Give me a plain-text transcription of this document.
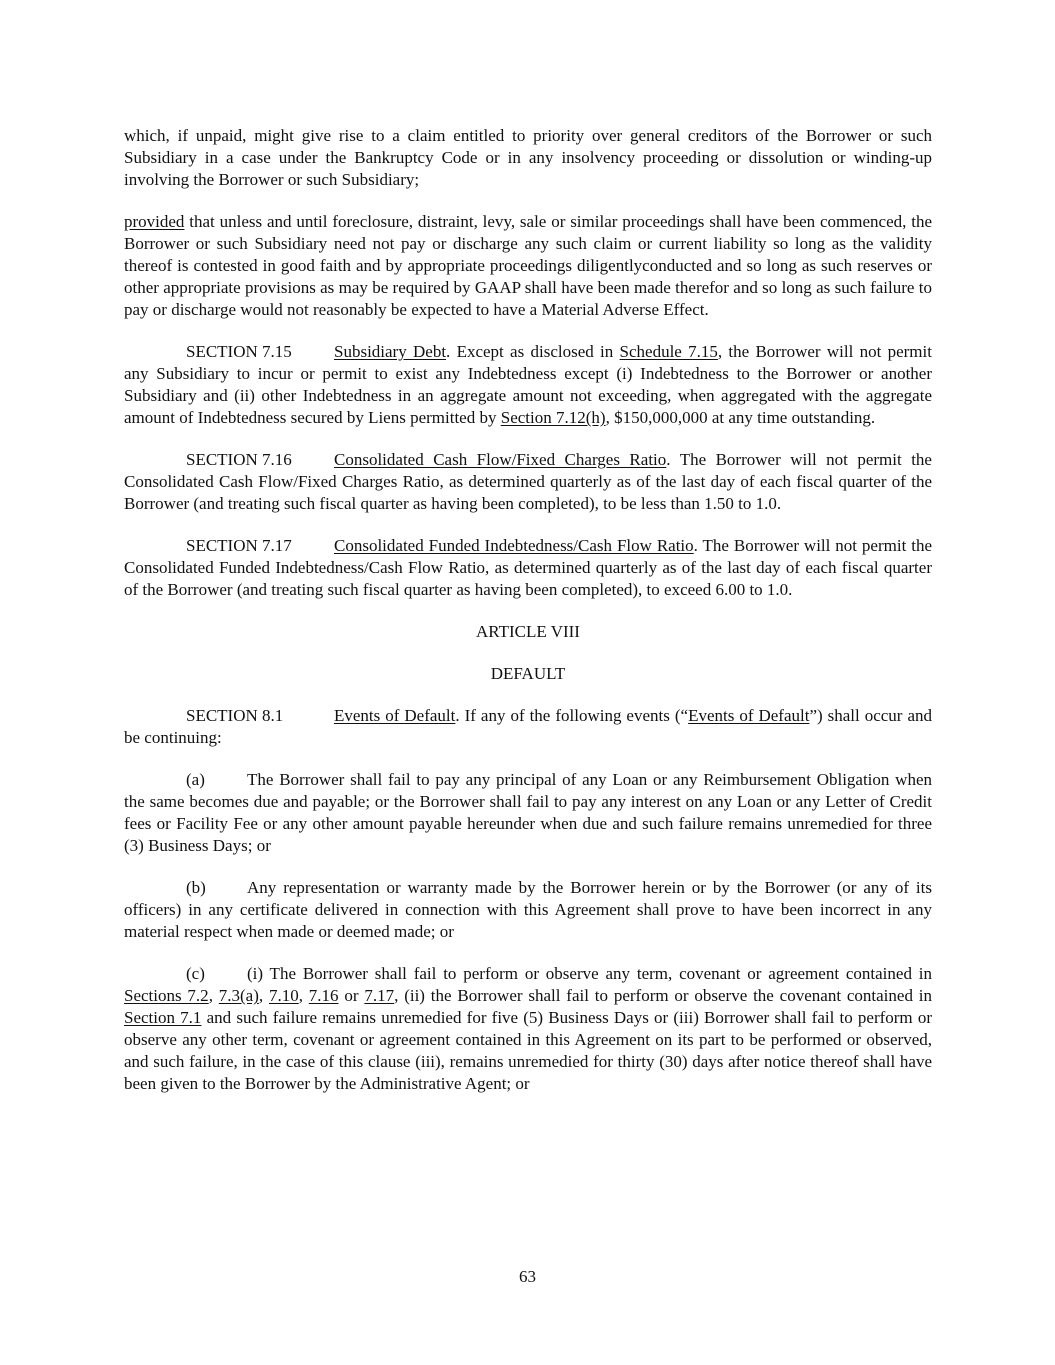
which, if unpaid, might give rise to a claim entitled to priority over general creditors of the Borrower or such Subsidiary in a case under the Bankruptcy Code or in any insolvency proceeding or dissolution or winding-up involving the Borrower or such Subsidiary;

provided that unless and until foreclosure, distraint, levy, sale or similar proceedings shall have been commenced, the Borrower or such Subsidiary need not pay or discharge any such claim or current liability so long as the validity thereof is contested in good faith and by appropriate proceedings diligentlyconducted and so long as such reserves or other appropriate provisions as may be required by GAAP shall have been made therefor and so long as such failure to pay or discharge would not reasonably be expected to have a Material Adverse Effect.

SECTION 7.15 Subsidiary Debt. Except as disclosed in Schedule 7.15, the Borrower will not permit any Subsidiary to incur or permit to exist any Indebtedness except (i) Indebtedness to the Borrower or another Subsidiary and (ii) other Indebtedness in an aggregate amount not exceeding, when aggregated with the aggregate amount of Indebtedness secured by Liens permitted by Section 7.12(h), $150,000,000 at any time outstanding.

SECTION 7.16 Consolidated Cash Flow/Fixed Charges Ratio. The Borrower will not permit the Consolidated Cash Flow/Fixed Charges Ratio, as determined quarterly as of the last day of each fiscal quarter of the Borrower (and treating such fiscal quarter as having been completed), to be less than 1.50 to 1.0.

SECTION 7.17 Consolidated Funded Indebtedness/Cash Flow Ratio. The Borrower will not permit the Consolidated Funded Indebtedness/Cash Flow Ratio, as determined quarterly as of the last day of each fiscal quarter of the Borrower (and treating such fiscal quarter as having been completed), to exceed 6.00 to 1.0.

ARTICLE VIII

DEFAULT

SECTION 8.1	Events of Default. If any of the following events (“Events of Default”) shall occur and be continuing:

(a) The Borrower shall fail to pay any principal of any Loan or any Reimbursement Obligation when the same becomes due and payable; or the Borrower shall fail to pay any interest on any Loan or any Letter of Credit fees or Facility Fee or any other amount payable hereunder when due and such failure remains unremedied for three (3) Business Days; or

(b) Any representation or warranty made by the Borrower herein or by the Borrower (or any of its officers) in any certificate delivered in connection with this Agreement shall prove to have been incorrect in any material respect when made or deemed made; or

(c) (i) The Borrower shall fail to perform or observe any term, covenant or agreement contained in Sections 7.2, 7.3(a), 7.10, 7.16 or 7.17, (ii) the Borrower shall fail to perform or observe the covenant contained in Section 7.1 and such failure remains unremedied for five (5) Business Days or (iii) Borrower shall fail to perform or observe any other term, covenant or agreement contained in this Agreement on its part to be performed or observed, and such failure, in the case of this clause (iii), remains unremedied for thirty (30) days after notice thereof shall have been given to the Borrower by the Administrative Agent; or

63
